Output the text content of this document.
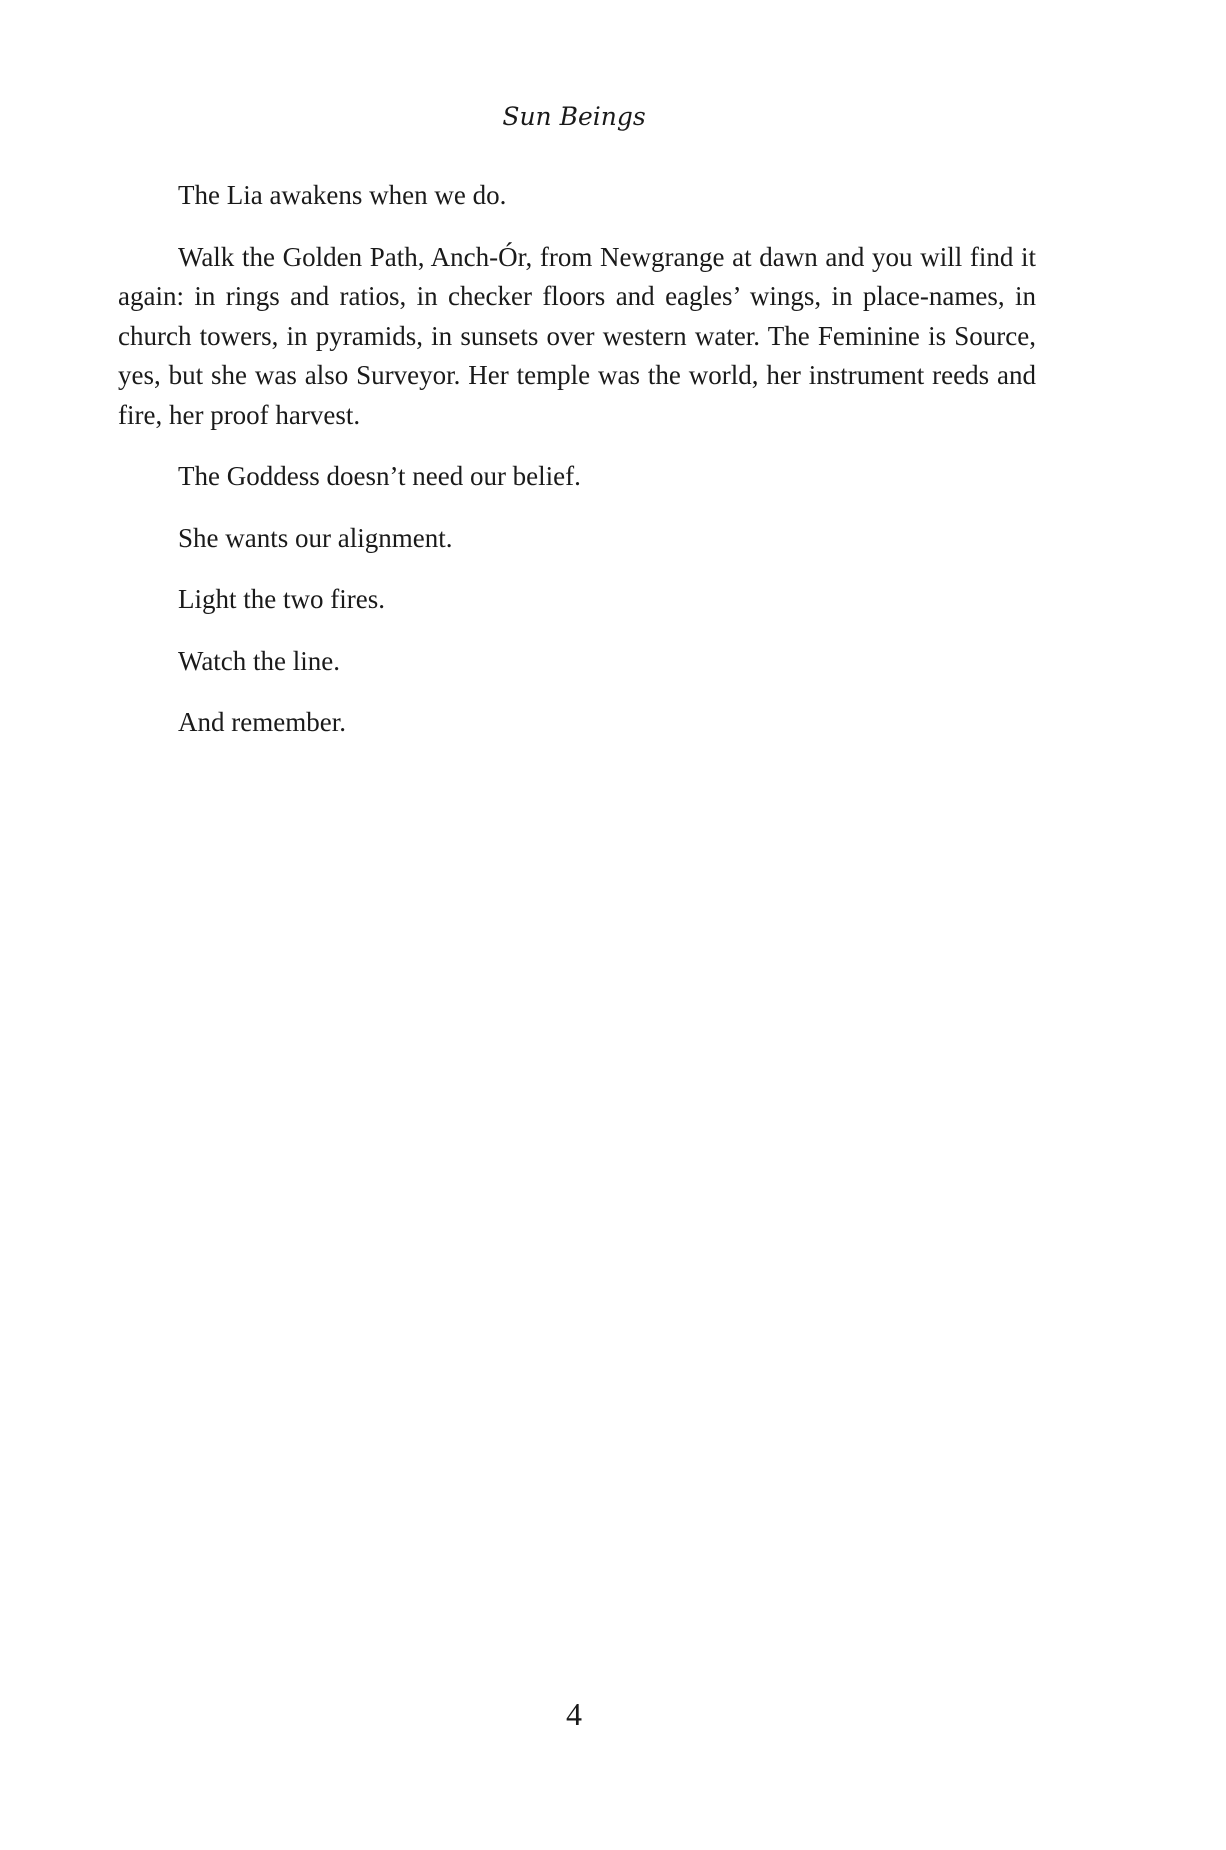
Sun Beings

The Lia awakens when we do.

Walk the Golden Path, Anch-Ór, from Newgrange at dawn and you will find it again: in rings and ratios, in checker floors and eagles’ wings, in place-names, in church towers, in pyramids, in sunsets over western water. The Feminine is Source, yes, but she was also Surveyor. Her temple was the world, her instrument reeds and fire, her proof harvest.

The Goddess doesn’t need our belief.

She wants our alignment.

Light the two fires.

Watch the line.

And remember.

4
